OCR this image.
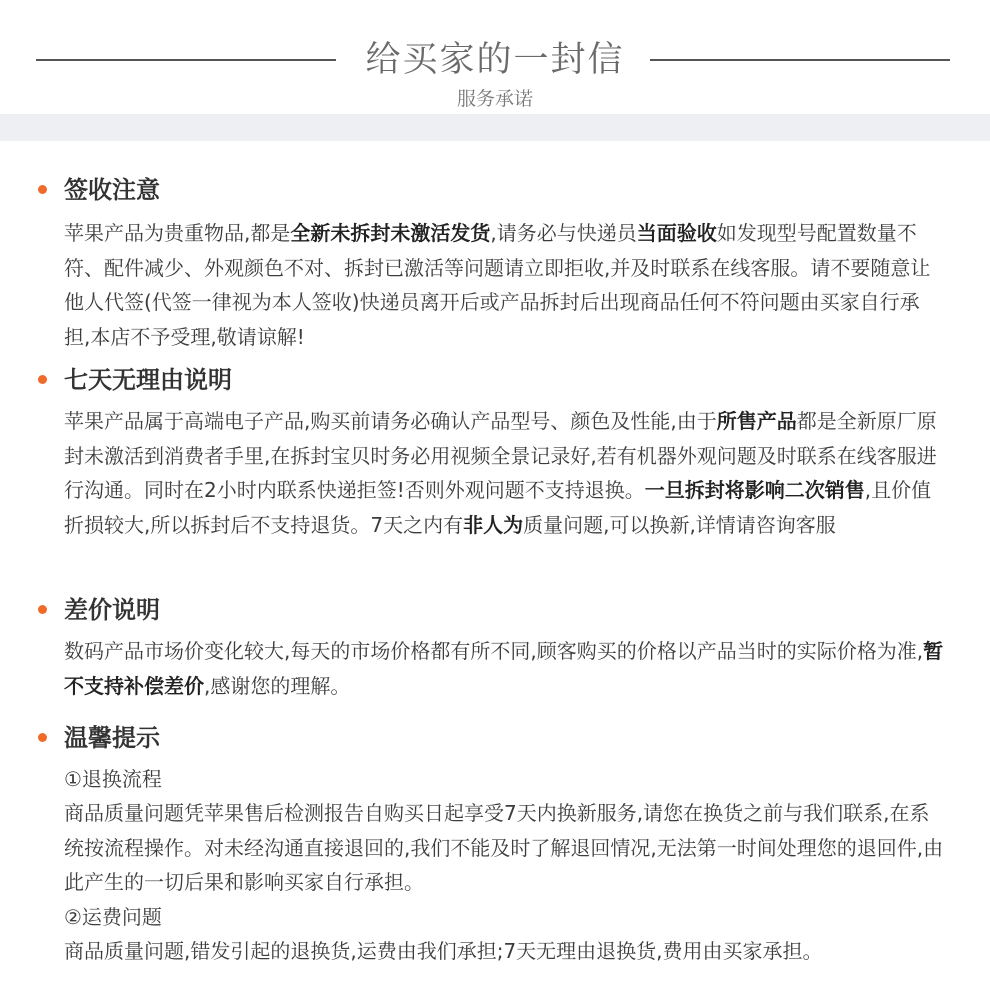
给买家的一封信
服务承诺
签收注意
苹果产品为贵重物品,都是全新未拆封未激活发货,请务必与快递员当面验收如发现型号配置数量不符、配件减少、外观颜色不对、拆封已激活等问题请立即拒收,并及时联系在线客服。请不要随意让他人代签(代签一律视为本人签收)快递员离开后或产品拆封后出现商品任何不符问题由买家自行承担,本店不予受理,敬请谅解!
七天无理由说明
苹果产品属于高端电子产品,购买前请务必确认产品型号、颜色及性能,由于所售产品都是全新原厂原封未激活到消费者手里,在拆封宝贝时务必用视频全景记录好,若有机器外观问题及时联系在线客服进行沟通。同时在2小时内联系快递拒签!否则外观问题不支持退换。一旦拆封将影响二次销售,且价值折损较大,所以拆封后不支持退货。7天之内有非人为质量问题,可以换新,详情请咨询客服
差价说明
数码产品市场价变化较大,每天的市场价格都有所不同,顾客购买的价格以产品当时的实际价格为准,暂不支持补偿差价,感谢您的理解。
温馨提示
①退换流程
商品质量问题凭苹果售后检测报告自购买日起享受7天内换新服务,请您在换货之前与我们联系,在系统按流程操作。对未经沟通直接退回的,我们不能及时了解退回情况,无法第一时间处理您的退回件,由此产生的一切后果和影响买家自行承担。
②运费问题
商品质量问题,错发引起的退换货,运费由我们承担;7天无理由退换货,费用由买家承担。
